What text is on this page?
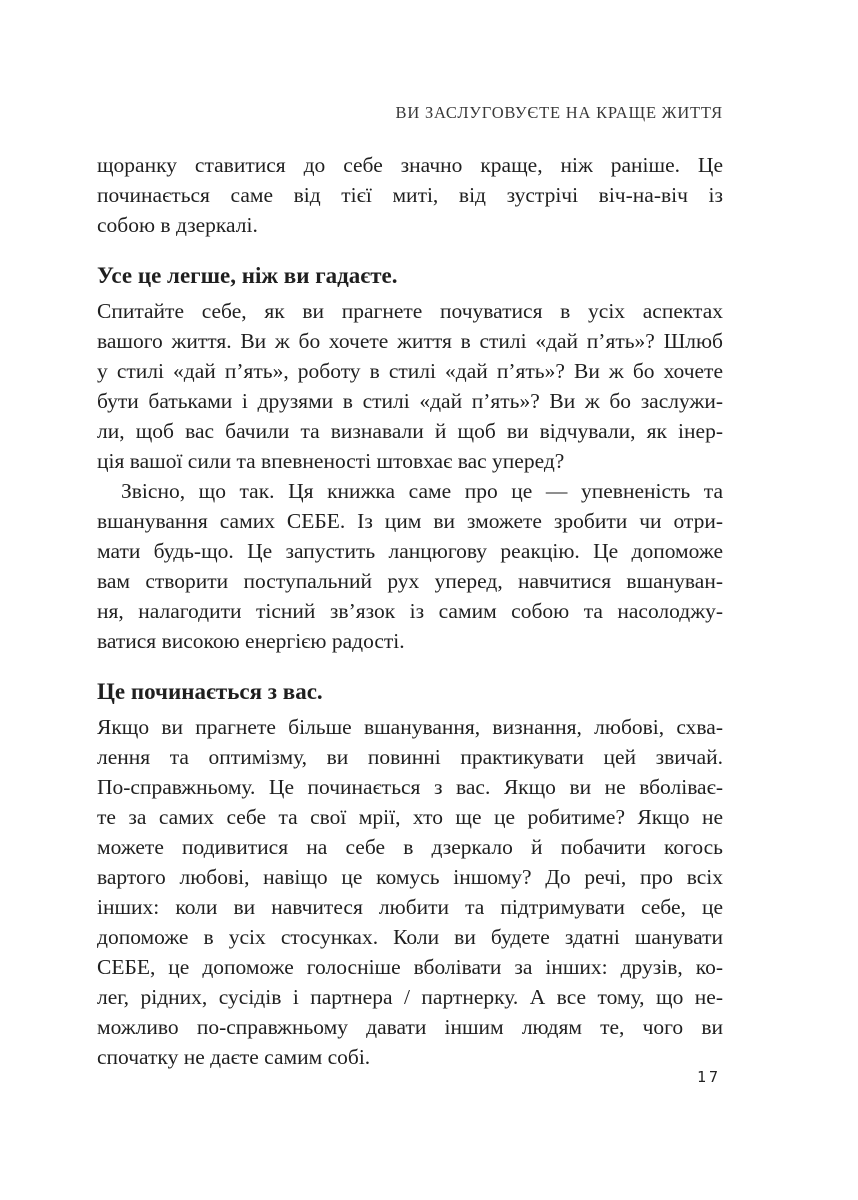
ВИ ЗАСЛУГОВУЄТЕ НА КРАЩЕ ЖИТТЯ
щоранку ставитися до себе значно краще, ніж раніше. Це
починається саме від тієї миті, від зустрічі віч-на-віч із
собою в дзеркалі.
Усе це легше, ніж ви гадаєте.
Спитайте себе, як ви прагнете почуватися в усіх аспектах
вашого життя. Ви ж бо хочете життя в стилі «дай п’ять»? Шлюб
у стилі «дай п’ять», роботу в стилі «дай п’ять»? Ви ж бо хочете
бути батьками і друзями в стилі «дай п’ять»? Ви ж бо заслужи-
ли, щоб вас бачили та визнавали й щоб ви відчували, як інер-
ція вашої сили та впевненості штовхає вас уперед?
Звісно, що так. Ця книжка саме про це — упевненість та
вшанування самих СЕБЕ. Із цим ви зможете зробити чи отри-
мати будь-що. Це запустить ланцюгову реакцію. Це допоможе
вам створити поступальний рух уперед, навчитися вшануван-
ня, налагодити тісний зв’язок із самим собою та насолоджу-
ватися високою енергією радості.
Це починається з вас.
Якщо ви прагнете більше вшанування, визнання, любові, схва-
лення та оптимізму, ви повинні практикувати цей звичай.
По-справжньому. Це починається з вас. Якщо ви не вболіває-
те за самих себе та свої мрії, хто ще це робитиме? Якщо не
можете подивитися на себе в дзеркало й побачити когось
вартого любові, навіщо це комусь іншому? До речі, про всіх
інших: коли ви навчитеся любити та підтримувати себе, це
допоможе в усіх стосунках. Коли ви будете здатні шанувати
СЕБЕ, це допоможе голосніше вболівати за інших: друзів, ко-
лег, рідних, сусідів і партнера / партнерку. А все тому, що не-
можливо по-справжньому давати іншим людям те, чого ви
спочатку не даєте самим собі.
17
